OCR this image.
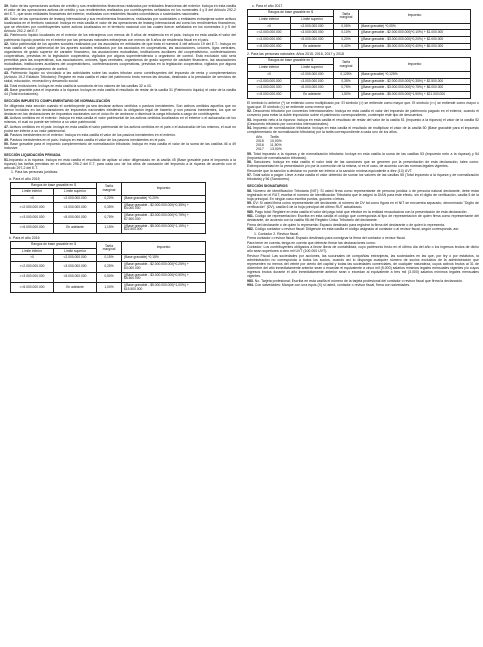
39. Valor de las operaciones activas de crédito y sus rendimientos financieros realizados por entidades financieras del exterior. Incluya en esta casilla el valor de las operaciones activas de crédito y sus rendimientos realizados por contribuyentes señalados en los numerales 4 y 5 del Artículo 292-2 del E.T., que sean entidades financieras del exterior, realizadas con residentes fiscales colombianos o sociedades nacionales.

40. Valor de las operaciones de leasing internacional y sus rendimientos financieros, realizadas por sociedades o entidades extranjeras sobre activos localizados en el territorio nacional: Incluya en esta casilla el valor de las operaciones de leasing internacional así como los rendimientos financieros, que se efectúen por contribuyentes sobre activos localizados en el territorio nacional con las cuales fueron señalados en los numerales 4 y 5 del Artículo 292-2 del E.T.

41. Patrimonio líquido localizado en el exterior de los extranjeros con menos de 5 años de residencia en el país: Incluya en esta casilla el valor del patrimonio líquido poseído en el exterior por las personas naturales extranjeras con menos de 5 años de residencia fiscal en el país.

42. Valor patrimonial de los aportes sociales realizados por los asociados en entidades de que trata el numeral 4 del artículo 19 del E.T.: Incluya en esta casilla el valor patrimonial de los aportes sociales realizados por los asociados en cooperativas, las asociaciones, uniones, ligas centrales, organismos de grado superior de carácter financiero, las asociaciones mutualistas, instituciones auxiliares del cooperativismo, confederaciones cooperativas, previstas en la legislación cooperativa, vigilados por alguna superintendencia u organismo de control. Esta exclusión sólo será permitida para las cooperativas, sus asociaciones, uniones, ligas centrales, organismos de grado superior de carácter financiero, las asociaciones mutualistas, instituciones auxiliares del cooperativismo, confederaciones cooperativas, previstas en la legislación cooperativa, vigilados por alguna superintendencia u organismo de control.

43. Patrimonio líquido no vinculado a las actividades sobre las cuales tributan como contribuyentes del impuesto de renta y complementarios (Artículo 19-2 Estatuto Tributario): Registre en esta casilla el valor del patrimonio bruto menos las deudas, destinado a la prestación de servicios de salud, educación, recreación y desarrollo social.

44. Total exclusiones: Incluya en esta casilla la sumatoria de los valores de las casillas 32 a 43.

45. Base gravable para el impuesto a la riqueza: Incluya en esta casilla el resultado de restar de la casilla 31 (Patrimonio líquido) el valor de la casilla 44 (Total exclusiones).

SECCIÓN IMPUESTO COMPLEMENTARIO DE NORMALIZACIÓN

Se diligencia esta sección cuando el contribuyente ya sea declarar activos omitidos o pasivos inexistentes. Son activos omitidos aquellos que no fueron incluidos en las declaraciones de impuestos nacionales existiendo la obligación legal de hacerlo; y son pasivos inexistentes, los que se declaran en las declaraciones de impuestos nacionales con el único fin de aminorar o disminuir la carga tributaria a cargo de contribuyente.

46. Activos omitidos en el exterior: Incluya en esta casilla el valor patrimonial de los activos omitidos localizados en el exterior o el autoavalúo de los mismos, el cual no puede ser inferior a su valor patrimonial.

47. Activos omitidos en el país: Incluya en esta casilla el valor patrimonial de los activos omitidos en el país o el autoavalúo de los mismos, el cual no podrá ser inferior a su valor patrimonial.

48. Pasivos inexistentes en el exterior: Incluya en esta casilla el valor de los pasivos inexistentes en el exterior.

49. Pasivos inexistentes en el país: Incluya en esta casilla el valor de los pasivos inexistentes en el país.

50. Base gravable para el impuesto complementario de normalización tributaria: Incluya en esta casilla el valor de la suma de las casillas 46 a 49 inclusive.

SECCIÓN LIQUIDACIÓN PRIVADA

51.Impuesto a la riqueza: Incluya en esta casilla el resultado de aplicar al valor diligenciado en la casilla 45 (Base gravable para el impuesto a la riqueza) las tarifas previstas en el artículo 296-2 del E.T, para cada uno de los años de causación del impuesto a la riqueza de acuerdo con el artículo 297-2 del E.T.

1. Para las personas jurídicas:

a. Para el año 2015

Rangos de base gravable en $		Tarifa marginal	Impuesto
Límite inferior	Límite superior		
>0	<2.000.000.000	0,20%	(Base gravable) *0,20%
>=2.000.000.000	<3.000.000.000	0,35%	((Base gravable - $2.000.000.000)*0,35%) + $4.000.000
>=3.000.000.000	<5.000.000.000	0,75%	((Base gravable - $3.000.000.000)*0,75%) + $7.500.000
>=5.000.000.000	En adelante	1,15%	((Base gravable - $5.000.000.000)*1,15%) + $22.500.000

b. Para el año 2016

Rangos de base gravable en $		Tarifa marginal	Impuesto
Límite inferior	Límite superior		
>0	<2.000.000.000	0,15%	(Base gravable) *0,15%
>=2.000.000.000	<3.000.000.000	0,25%	((Base gravable - $2.000.000.000)*0,25%) + $3.000.000
>=3.000.000.000	<5.000.000.000	0,50%	((Base gravable - $3.000.000.000)*0,50%) + $5.500.000
>=5.000.000.000	En adelante	1,00%	((Base gravable - $5.000.000.000)*1,00%) + $15.500.000

c. Para el año 2017

Rangos de base gravable en $		Tarifa marginal	Impuesto
Límite inferior	Límite superior		
>0	<2.000.000.000	0,05%	(Base gravable) *0,05%
>=2.000.000.000	<3.000.000.000	0,10%	((Base gravable - $2.000.000.000)*0,10%) + $1.000.000
>=3.000.000.000	<5.000.000.000	0,20%	((Base gravable - $3.000.000.000)*0,20%) + $2.000.000
>=5.000.000.000	En adelante	0,40%	((Base gravable - $5.000.000.000)*0,40%) + $6.000.000

2. Para las personas naturales: Años 2015, 2016, 2017 y 2018

Rangos de base gravable en $		Tarifa marginal	Impuesto
Límite inferior	Límite superior		
>0	<2.000.000.000	0,125%	(Base gravable) *0,125%
>=2.000.000.000	<3.000.000.000	0,35%	((Base gravable - $2.000.000.000)*0,35%) + $2.500.000
>=3.000.000.000	<5.000.000.000	0,75%	((Base gravable - $3.000.000.000)*0,75%) + $6.000.000
>=5.000.000.000	En adelante	1,50%	((Base gravable - $5.000.000.000)*1,50%) + $21.000.000

El símbolo lo anterior (*) se entiendo como multiplicado por. El símbolo (>) se entiende como mayor que. El símbolo (>=) se entiende como mayor o igual que. El símbolo (<) se entiende como menor que.

52. Descuento tributario por convenios internacionales: Incluya en esta casilla el valor del impuesto de patrimonio pagado en el exterior, cuando el convenio para evitar la doble imposición sobre el patrimonio correspondiente, contemple este tipo de descuentos.

53. Impuesto neto a la riqueza: Incluya en esta casilla el resultado de restar del valor de la casilla 51 (Impuesto a la riqueza) el valor de la casilla 52 (Descuento tributario por convenios internacionales).

54. Impuesto de normalización tributaria: Incluya en esta casilla el resultado de multiplicar el valor de la casilla 50 (Base gravable para el impuesto complementario de normalización tributaria) por la tarifa correspondiente a cada uno de los años.

Año Tarifa
2015 10,00%
2016 11,50%
2017 13,00%

55. Total impuesto a la riqueza y de normalización tributaria: Incluya en esta casilla la suma de las casillas 53 (Impuesto neto a la riqueza) y 54 (Impuesto de normalización tributaria).

56. Sanciones: Incluya en esta casilla el valor total de las sanciones que se generen por la presentación de esta declaración, tales como: Extemporaneidad en la presentación y/o por la corrección de la misma, si es el caso, de acuerdo con las normas legales vigentes.

Recuerde que la sanción a declarar no puede ser inferior a la sanción mínima equivalente a diez (10) UVT.

57. Total saldo a pagar: Lleve a esta casilla el valor obtenido de sumar los valores de las casillas 55 (Total impuesto a la riqueza y de normalización tributaria) y 56 (Sanciones).

SECCIÓN SIGNATARIOS

58. Número de Identificación Tributaria (NIT): Si usted firma como representante de persona jurídica o de persona natural declarante, debe estar registrado en el RUT, escriba el número de Identificación Tributaria que le asignó la DIAN para este efecto, sin el dígito de verificación, casilla 5 de la hoja principal. En ningún caso escriba puntos, guiones o letras.

59. DV: Si usted firma como representante del declarante, si número de DV tal como figura en el NIT se encuentra separado, denominado "Dígito de verificación" (DV), casilla 6 de la hoja principal del último RUT actualizado.

980. Pago total: Registre en esta casilla el valor del pago total que efectúe en la entidad recaudadora con la presentación de esta declaración.

981. Código de representación: Escriba en esta casilla el código que corresponda al tipo de representación de quien firma como representante del declarante, de acuerdo con la casilla 98 del Registro Único Tributario del declarante.

Firma del declarante o de quien lo representa: Espacio destinado para registrar la firma del declarante o de quien lo representa.

982. Código contador o revisor fiscal: Diligencie en esta casilla el código asignado al contador o al revisor fiscal, según corresponda, así:

1. Contador 2. Revisor fiscal.

Firma contador o revisor fiscal: Espacio destinado para consignar la firma del contador o revisor fiscal.

Para tener en cuenta, tenga en cuenta que deberán firmar las declaraciones como:

Contador: Los contribuyentes obligados a llevar libros de contabilidad, cuyo patrimonio bruto en el último día del año o los ingresos brutos de dicho año sean superiores a cien mil UVT (100.000 UVT).

Revisor Fiscal: Las sociedades por acciones, las sucursales de compañías extranjeras, las sociedades en las que, por ley o por estatutos, la administración no corresponda a todos los socios, cuando así lo disponga cualquier número de socios excluidos de la administración que representen no menos del veinte por ciento del capital y todas las sociedades comerciales, de cualquier naturaleza, cuyos activos brutos al 31 de diciembre del año inmediatamente anterior sean o excedan el equivalente a cinco mil (5.000) salarios mínimos legales mensuales vigentes y/o cuyos ingresos brutos durante el año inmediatamente anterior sean o excedan al equivalente a tres mil (3.000) salarios mínimos legales mensuales vigentes.

983. No. Tarjeta profesional: Escriba en esta casilla el número de la tarjeta profesional del contador o revisor fiscal que firma la declaración.

994. Con salvedades: Marque con una equis (X) si usted, contador o revisor fiscal, firma con salvedades.
